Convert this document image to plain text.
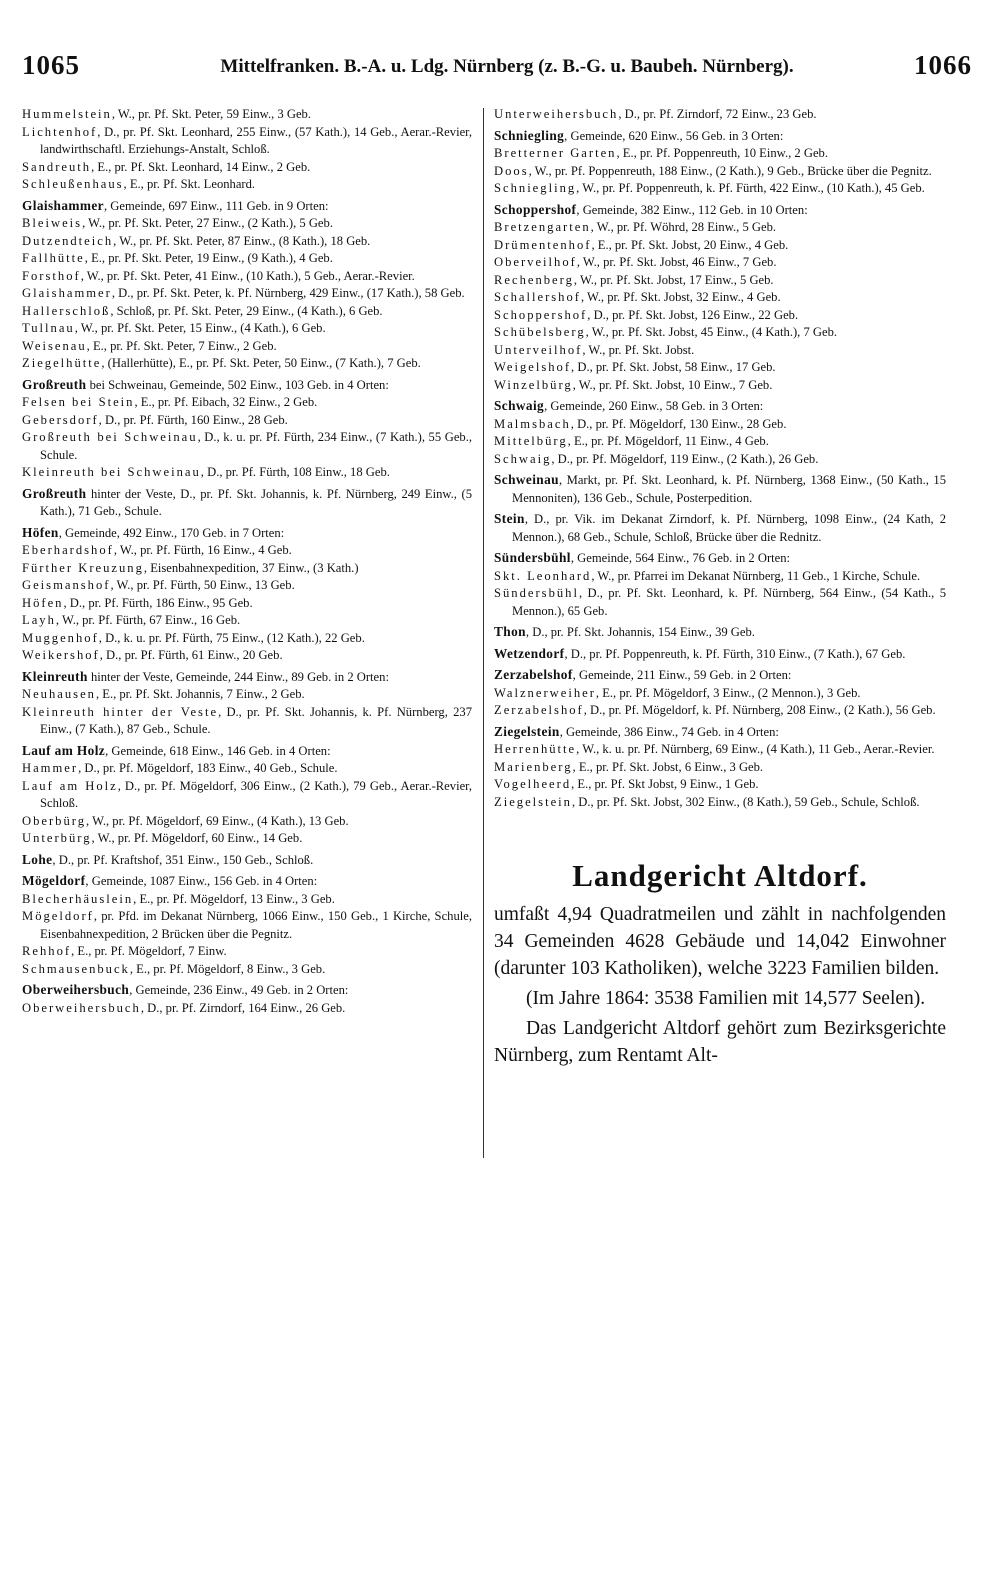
1065	Mittelfranken. B.-A. u. Ldg. Nürnberg (z. B.-G. u. Baubeh. Nürnberg).	1066

Hummelstein, W., pr. Pf. Skt. Peter, 59 Einw., 3 Geb.

Lichtenhof, D., pr. Pf. Skt. Leonhard, 255 Einw., (57 Kath.), 14 Geb., Aerar.-Revier, landwirthschaftl. Erziehungs-Anstalt, Schloß.

Sandreuth, E., pr. Pf. Skt. Leonhard, 14 Einw., 2 Geb.

Schleußenhaus, E., pr. Pf. Skt. Leonhard.

Glaishammer, Gemeinde, 697 Einw., 111 Geb. in 9 Orten:

Bleiweis, W., pr. Pf. Skt. Peter, 27 Einw., (2 Kath.), 5 Geb.

Dutzendteich, W., pr. Pf. Skt. Peter, 87 Einw., (8 Kath.), 18 Geb.

Fallhütte, E., pr. Pf. Skt. Peter, 19 Einw., (9 Kath.), 4 Geb.

Forsthof, W., pr. Pf. Skt. Peter, 41 Einw., (10 Kath.), 5 Geb., Aerar.-Revier.

Glaishammer, D., pr. Pf. Skt. Peter, k. Pf. Nürnberg, 429 Einw., (17 Kath.), 58 Geb.

Hallerschloß, Schloß, pr. Pf. Skt. Peter, 29 Einw., (4 Kath.), 6 Geb.

Tullnau, W., pr. Pf. Skt. Peter, 15 Einw., (4 Kath.), 6 Geb.

Weisenau, E., pr. Pf. Skt. Peter, 7 Einw., 2 Geb.

Ziegelhütte, (Hallerhütte), E., pr. Pf. Skt. Peter, 50 Einw., (7 Kath.), 7 Geb.

Großreuth bei Schweinau, Gemeinde, 502 Einw., 103 Geb. in 4 Orten:

Felsen bei Stein, E., pr. Pf. Eibach, 32 Einw., 2 Geb.

Gebersdorf, D., pr. Pf. Fürth, 160 Einw., 28 Geb.

Großreuth bei Schweinau, D., k. u. pr. Pf. Fürth, 234 Einw., (7 Kath.), 55 Geb., Schule.

Kleinreuth bei Schweinau, D., pr. Pf. Fürth, 108 Einw., 18 Geb.

Großreuth hinter der Veste, D., pr. Pf. Skt. Johannis, k. Pf. Nürnberg, 249 Einw., (5 Kath.), 71 Geb., Schule.

Höfen, Gemeinde, 492 Einw., 170 Geb. in 7 Orten:

Eberhardshof, W., pr. Pf. Fürth, 16 Einw., 4 Geb.

Fürther Kreuzung, Eisenbahnexpedition, 37 Einw., (3 Kath.)

Geismanshof, W., pr. Pf. Fürth, 50 Einw., 13 Geb.

Höfen, D., pr. Pf. Fürth, 186 Einw., 95 Geb.

Layh, W., pr. Pf. Fürth, 67 Einw., 16 Geb.

Muggenhof, D., k. u. pr. Pf. Fürth, 75 Einw., (12 Kath.), 22 Geb.

Weikershof, D., pr. Pf. Fürth, 61 Einw., 20 Geb.

Kleinreuth hinter der Veste, Gemeinde, 244 Einw., 89 Geb. in 2 Orten:

Neuhausen, E., pr. Pf. Skt. Johannis, 7 Einw., 2 Geb.

Kleinreuth hinter der Veste, D., pr. Pf. Skt. Johannis, k. Pf. Nürnberg, 237 Einw., (7 Kath.), 87 Geb., Schule.

Lauf am Holz, Gemeinde, 618 Einw., 146 Geb. in 4 Orten:

Hammer, D., pr. Pf. Mögeldorf, 183 Einw., 40 Geb., Schule.

Lauf am Holz, D., pr. Pf. Mögeldorf, 306 Einw., (2 Kath.), 79 Geb., Aerar.-Revier, Schloß.

Oberbürg, W., pr. Pf. Mögeldorf, 69 Einw., (4 Kath.), 13 Geb.

Unterbürg, W., pr. Pf. Mögeldorf, 60 Einw., 14 Geb.

Lohe, D., pr. Pf. Kraftshof, 351 Einw., 150 Geb., Schloß.

Mögeldorf, Gemeinde, 1087 Einw., 156 Geb. in 4 Orten:

Blecherhäuslein, E., pr. Pf. Mögeldorf, 13 Einw., 3 Geb.

Mögeldorf, pr. Pfd. im Dekanat Nürnberg, 1066 Einw., 150 Geb., 1 Kirche, Schule, Eisenbahnexpedition, 2 Brücken über die Pegnitz.

Rehhof, E., pr. Pf. Mögeldorf, 7 Einw.

Schmausenbuck, E., pr. Pf. Mögeldorf, 8 Einw., 3 Geb.

Oberweihersbuch, Gemeinde, 236 Einw., 49 Geb. in 2 Orten:

Oberweihersbuch, D., pr. Pf. Zirndorf, 164 Einw., 26 Geb.

Unterweihersbuch, D., pr. Pf. Zirndorf, 72 Einw., 23 Geb.

Schniegling, Gemeinde, 620 Einw., 56 Geb. in 3 Orten:

Bretterner Garten, E., pr. Pf. Poppenreuth, 10 Einw., 2 Geb.

Doos, W., pr. Pf. Poppenreuth, 188 Einw., (2 Kath.), 9 Geb., Brücke über die Pegnitz.

Schniegling, W., pr. Pf. Poppenreuth, k. Pf. Fürth, 422 Einw., (10 Kath.), 45 Geb.

Schoppershof, Gemeinde, 382 Einw., 112 Geb. in 10 Orten:

Bretzengarten, W., pr. Pf. Wöhrd, 28 Einw., 5 Geb.

Drümentenhof, E., pr. Pf. Skt. Jobst, 20 Einw., 4 Geb.

Oberveilhof, W., pr. Pf. Skt. Jobst, 46 Einw., 7 Geb.

Rechenberg, W., pr. Pf. Skt. Jobst, 17 Einw., 5 Geb.

Schallershof, W., pr. Pf. Skt. Jobst, 32 Einw., 4 Geb.

Schoppershof, D., pr. Pf. Skt. Jobst, 126 Einw., 22 Geb.

Schübelsberg, W., pr. Pf. Skt. Jobst, 45 Einw., (4 Kath.), 7 Geb.

Unterveilhof, W., pr. Pf. Skt. Jobst.

Weigelshof, D., pr. Pf. Skt. Jobst, 58 Einw., 17 Geb.

Winzelbürg, W., pr. Pf. Skt. Jobst, 10 Einw., 7 Geb.

Schwaig, Gemeinde, 260 Einw., 58 Geb. in 3 Orten:

Malmsbach, D., pr. Pf. Mögeldorf, 130 Einw., 28 Geb.

Mittelbürg, E., pr. Pf. Mögeldorf, 11 Einw., 4 Geb.

Schwaig, D., pr. Pf. Mögeldorf, 119 Einw., (2 Kath.), 26 Geb.

Schweinau, Markt, pr. Pf. Skt. Leonhard, k. Pf. Nürnberg, 1368 Einw., (50 Kath., 15 Mennoniten), 136 Geb., Schule, Posterpedition.

Stein, D., pr. Vik. im Dekanat Zirndorf, k. Pf. Nürnberg, 1098 Einw., (24 Kath, 2 Mennon.), 68 Geb., Schule, Schloß, Brücke über die Rednitz.

Sündersbühl, Gemeinde, 564 Einw., 76 Geb. in 2 Orten:

Skt. Leonhard, W., pr. Pfarrei im Dekanat Nürnberg, 11 Geb., 1 Kirche, Schule.

Sündersbühl, D., pr. Pf. Skt. Leonhard, k. Pf. Nürnberg, 564 Einw., (54 Kath., 5 Mennon.), 65 Geb.

Thon, D., pr. Pf. Skt. Johannis, 154 Einw., 39 Geb.

Wetzendorf, D., pr. Pf. Poppenreuth, k. Pf. Fürth, 310 Einw., (7 Kath.), 67 Geb.

Zerzabelshof, Gemeinde, 211 Einw., 59 Geb. in 2 Orten:

Walznerweiher, E., pr. Pf. Mögeldorf, 3 Einw., (2 Mennon.), 3 Geb.

Zerzabelshof, D., pr. Pf. Mögeldorf, k. Pf. Nürnberg, 208 Einw., (2 Kath.), 56 Geb.

Ziegelstein, Gemeinde, 386 Einw., 74 Geb. in 4 Orten:

Herrenhütte, W., k. u. pr. Pf. Nürnberg, 69 Einw., (4 Kath.), 11 Geb., Aerar.-Revier.

Marienberg, E., pr. Pf. Skt. Jobst, 6 Einw., 3 Geb.

Vogelheerd, E., pr. Pf. Skt Jobst, 9 Einw., 1 Geb.

Ziegelstein, D., pr. Pf. Skt. Jobst, 302 Einw., (8 Kath.), 59 Geb., Schule, Schloß.

Landgericht Altdorf.

umfaßt 4,94 Quadratmeilen und zählt in nachfolgenden 34 Gemeinden 4628 Gebäude und 14,042 Einwohner (darunter 103 Katholiken), welche 3223 Familien bilden.

(Im Jahre 1864: 3538 Familien mit 14,577 Seelen).

Das Landgericht Altdorf gehört zum Bezirksgerichte Nürnberg, zum Rentamt Alt-
